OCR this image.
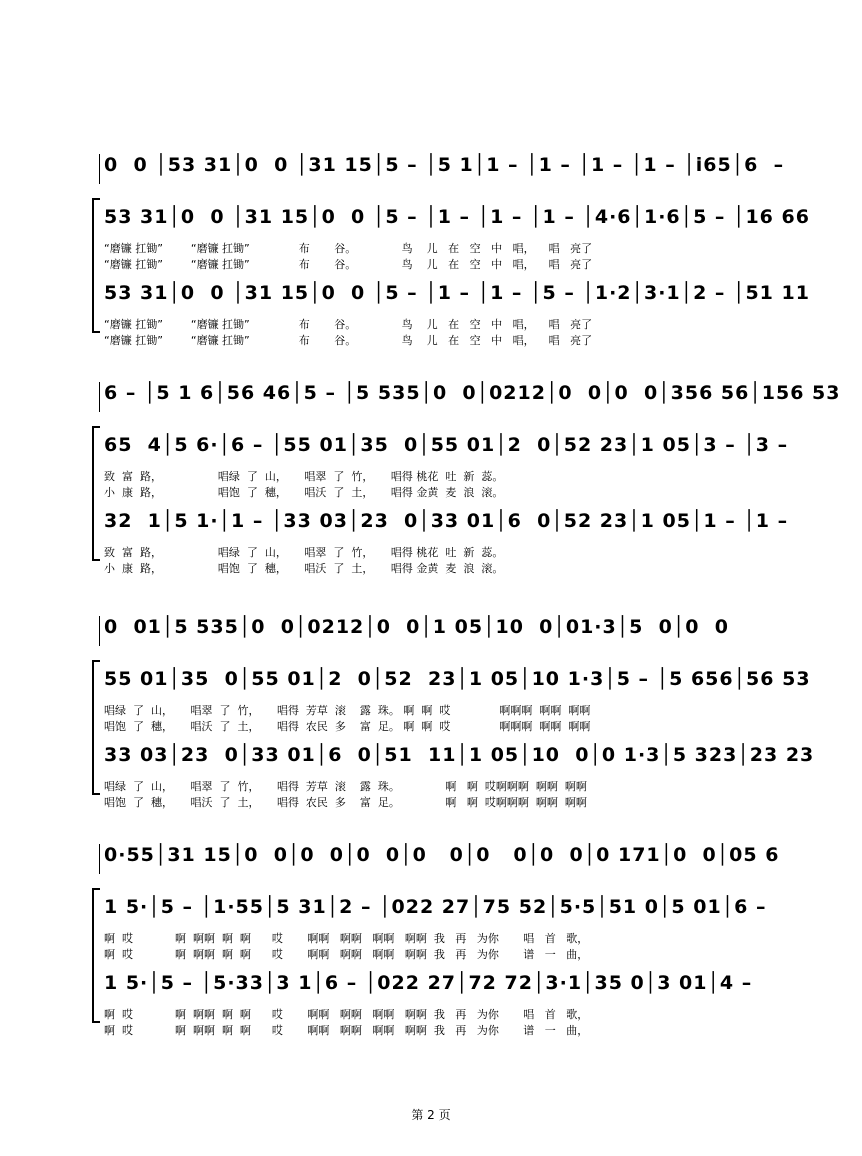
0  0 │53 31│0  0 │31 15│5 – │5 1│1 – │1 – │1 – │1 – │i65│6  –
53 31│0  0 │31 15│0  0 │5 – │1 – │1 – │1 – │4·6│1·6│5 – │16 66
“磨镰 扛锄”        “磨镰 扛锄”              布       谷。             鸟    儿   在   空   中   唱，    唱   亮了
“磨镰 扛锄”        “磨镰 扛锄”              布       谷。             鸟    儿   在   空   中   唱，    唱   亮了
53 31│0  0 │31 15│0  0 │5 – │1 – │1 – │5 – │1·2│3·1│2 – │51 11
“磨镰 扛锄”        “磨镰 扛锄”              布       谷。             鸟    儿   在   空   中   唱，    唱   亮了
“磨镰 扛锄”        “磨镰 扛锄”              布       谷。             鸟    儿   在   空   中   唱，    唱   亮了
6 – │5 1 6│56 46│5 – │5 535│0  0│0212│0  0│0  0│356 56│156 53
65  4│5 6·│6 – │55 01│35  0│55 01│2  0│52 23│1 05│3 – │3 –
致  富  路，                唱绿  了  山，     唱翠  了  竹，     唱得 桃花  吐  新  蕊。
小  康  路，                唱饱  了  穗，     唱沃  了  土，     唱得 金黄  麦  浪  滚。
32  1│5 1·│1 – │33 03│23  0│33 01│6  0│52 23│1 05│1 – │1 –
致  富  路，                唱绿  了  山，     唱翠  了  竹，     唱得 桃花  吐  新  蕊。
小  康  路，                唱饱  了  穗，     唱沃  了  土，     唱得 金黄  麦  浪  滚。
0  01│5 535│0  0│0212│0  0│1 05│10  0│01·3│5  0│0  0
55 01│35  0│55 01│2  0│52  23│1 05│10 1·3│5 – │5 656│56 53
唱绿  了  山，     唱翠  了  竹，     唱得  芳草  滚    露  珠。 啊  啊  哎              啊啊啊  啊啊  啊啊
唱饱  了  穗，     唱沃  了  土，     唱得  农民  多    富  足。 啊  啊  哎              啊啊啊  啊啊  啊啊
33 03│23  0│33 01│6  0│51  11│1 05│10  0│0 1·3│5 323│23 23
唱绿  了  山，     唱翠  了  竹，     唱得  芳草  滚    露  珠。             啊   啊  哎啊啊啊  啊啊  啊啊
唱饱  了  穗，     唱沃  了  土，     唱得  农民  多    富  足。             啊   啊  哎啊啊啊  啊啊  啊啊
0·55│31 15│0  0│0  0│0  0│0   0│0   0│0  0│0 171│0  0│05 6
1 5·│5 – │1·55│5 31│2 – │022 27│75 52│5·5│51 0│5 01│6 –
啊  哎            啊  啊啊  啊  啊      哎       啊啊   啊啊   啊啊   啊啊  我   再   为你       唱   首   歌，
啊  哎            啊  啊啊  啊  啊      哎       啊啊   啊啊   啊啊   啊啊  我   再   为你       谱   一   曲，
1 5·│5 – │5·33│3 1│6 – │022 27│72 72│3·1│35 0│3 01│4 –
啊  哎            啊  啊啊  啊  啊      哎       啊啊   啊啊   啊啊   啊啊  我   再   为你       唱   首   歌，
啊  哎            啊  啊啊  啊  啊      哎       啊啊   啊啊   啊啊   啊啊  我   再   为你       谱   一   曲，
第 2 页
